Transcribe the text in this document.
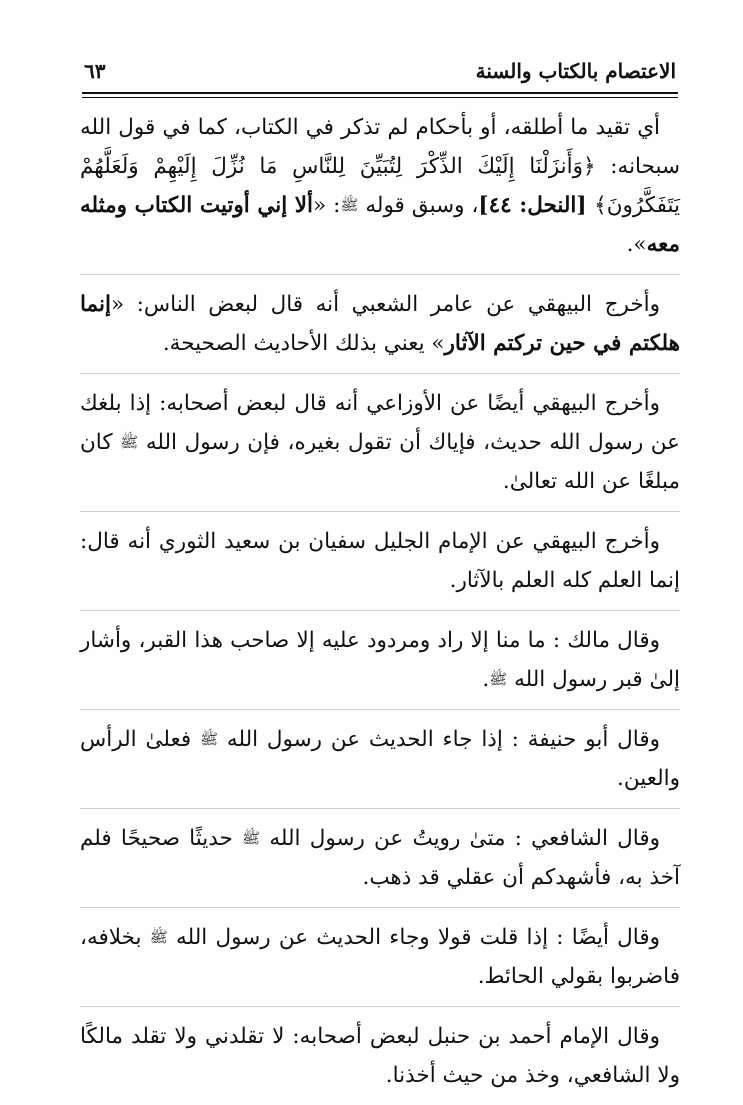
الاعتصام بالكتاب والسنة
٦٣

أي تقيد ما أطلقه، أو بأحكام لم تذكر في الكتاب، كما في قول الله سبحانه: ﴿وَأَنزَلْنَا إِلَيْكَ الذِّكْرَ لِتُبَيِّنَ لِلنَّاسِ مَا نُزِّلَ إِلَيْهِمْ وَلَعَلَّهُمْ يَتَفَكَّرُونَ﴾ [النحل: ٤٤]، وسبق قوله ﷺ: «ألا إني أوتيت الكتاب ومثله معه».

وأخرج البيهقي عن عامر الشعبي أنه قال لبعض الناس: «إنما هلكتم في حين تركتم الآثار» يعني بذلك الأحاديث الصحيحة.

وأخرج البيهقي أيضًا عن الأوزاعي أنه قال لبعض أصحابه: إذا بلغك عن رسول الله حديث، فإياك أن تقول بغيره، فإن رسول الله ﷺ كان مبلغًا عن الله تعالىٰ.

وأخرج البيهقي عن الإمام الجليل سفيان بن سعيد الثوري أنه قال: إنما العلم كله العلم بالآثار.

وقال مالك : ما منا إلا راد ومردود عليه إلا صاحب هذا القبر، وأشار إلىٰ قبر رسول الله ﷺ.

وقال أبو حنيفة : إذا جاء الحديث عن رسول الله ﷺ فعلىٰ الرأس والعين.

وقال الشافعي : متىٰ رويتُ عن رسول الله ﷺ حديثًا صحيحًا فلم آخذ به، فأشهدكم أن عقلي قد ذهب.

وقال أيضًا : إذا قلت قولا وجاء الحديث عن رسول الله ﷺ بخلافه، فاضربوا بقولي الحائط.

وقال الإمام أحمد بن حنبل لبعض أصحابه: لا تقلدني ولا تقلد مالكًا ولا الشافعي، وخذ من حيث أخذنا.
